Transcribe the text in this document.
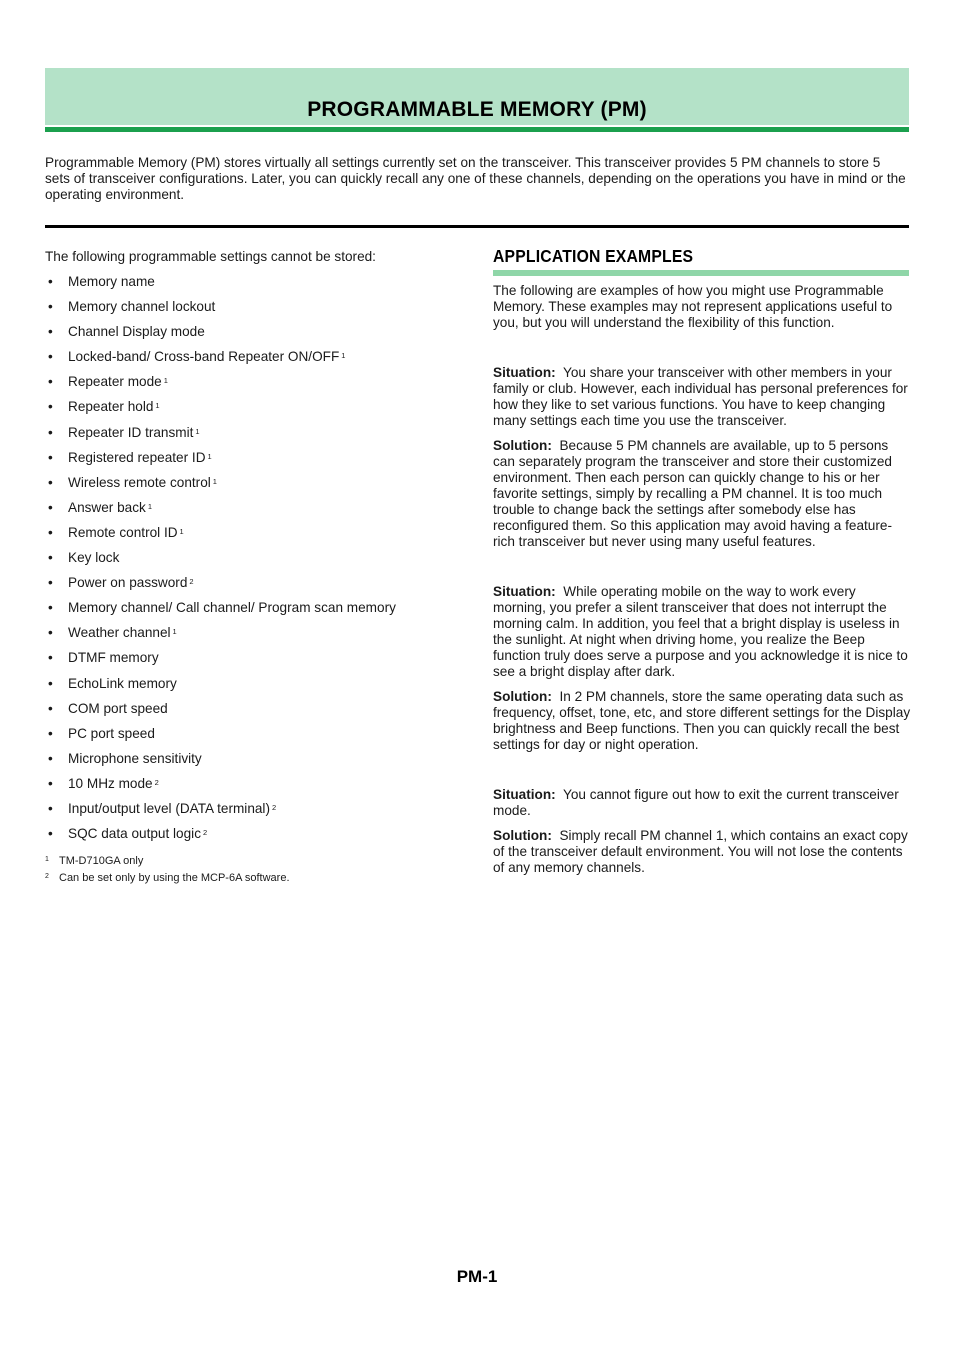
PROGRAMMABLE MEMORY (PM)

Programmable Memory (PM) stores virtually all settings currently set on the transceiver. This transceiver provides 5 PM channels to store 5 sets of transceiver configurations. Later, you can quickly recall any one of these channels, depending on the operations you have in mind or the operating environment.

The following programmable settings cannot be stored:

• Memory name
• Memory channel lockout
• Channel Display mode
• Locked-band/ Cross-band Repeater ON/OFF $^1$
• Repeater mode $^1$
• Repeater hold $^1$
• Repeater ID transmit $^1$
• Registered repeater ID $^1$
• Wireless remote control $^1$
• Answer back $^1$
• Remote control ID $^1$
• Key lock
• Power on password $^2$
• Memory channel/ Call channel/ Program scan memory
• Weather channel $^1$
• DTMF memory
• EchoLink memory
• COM port speed
• PC port speed
• Microphone sensitivity
• 10 MHz mode $^2$
• Input/output level (DATA terminal) $^2$
• SQC data output logic $^2$

1 TM-D710GA only

2 Can be set only by using the MCP-6A software.

APPLICATION EXAMPLES

The following are examples of how you might use Programmable Memory. These examples may not represent applications useful to you, but you will understand the flexibility of this function.

Situation: You share your transceiver with other members in your family or club. However, each individual has personal preferences for how they like to set various functions. You have to keep changing many settings each time you use the transceiver.

Solution: Because 5 PM channels are available, up to 5 persons can separately program the transceiver and store their customized environment. Then each person can quickly change to his or her favorite settings, simply by recalling a PM channel. It is too much trouble to change back the settings after somebody else has reconfigured them. So this application may avoid having a feature-rich transceiver but never using many useful features.

Situation: While operating mobile on the way to work every morning, you prefer a silent transceiver that does not interrupt the morning calm. In addition, you feel that a bright display is useless in the sunlight. At night when driving home, you realize the Beep function truly does serve a purpose and you acknowledge it is nice to see a bright display after dark.

Solution: In 2 PM channels, store the same operating data such as frequency, offset, tone, etc, and store different settings for the Display brightness and Beep functions. Then you can quickly recall the best settings for day or night operation.

Situation: You cannot figure out how to exit the current transceiver mode.

Solution: Simply recall PM channel 1, which contains an exact copy of the transceiver default environment. You will not lose the contents of any memory channels.

PM-1
